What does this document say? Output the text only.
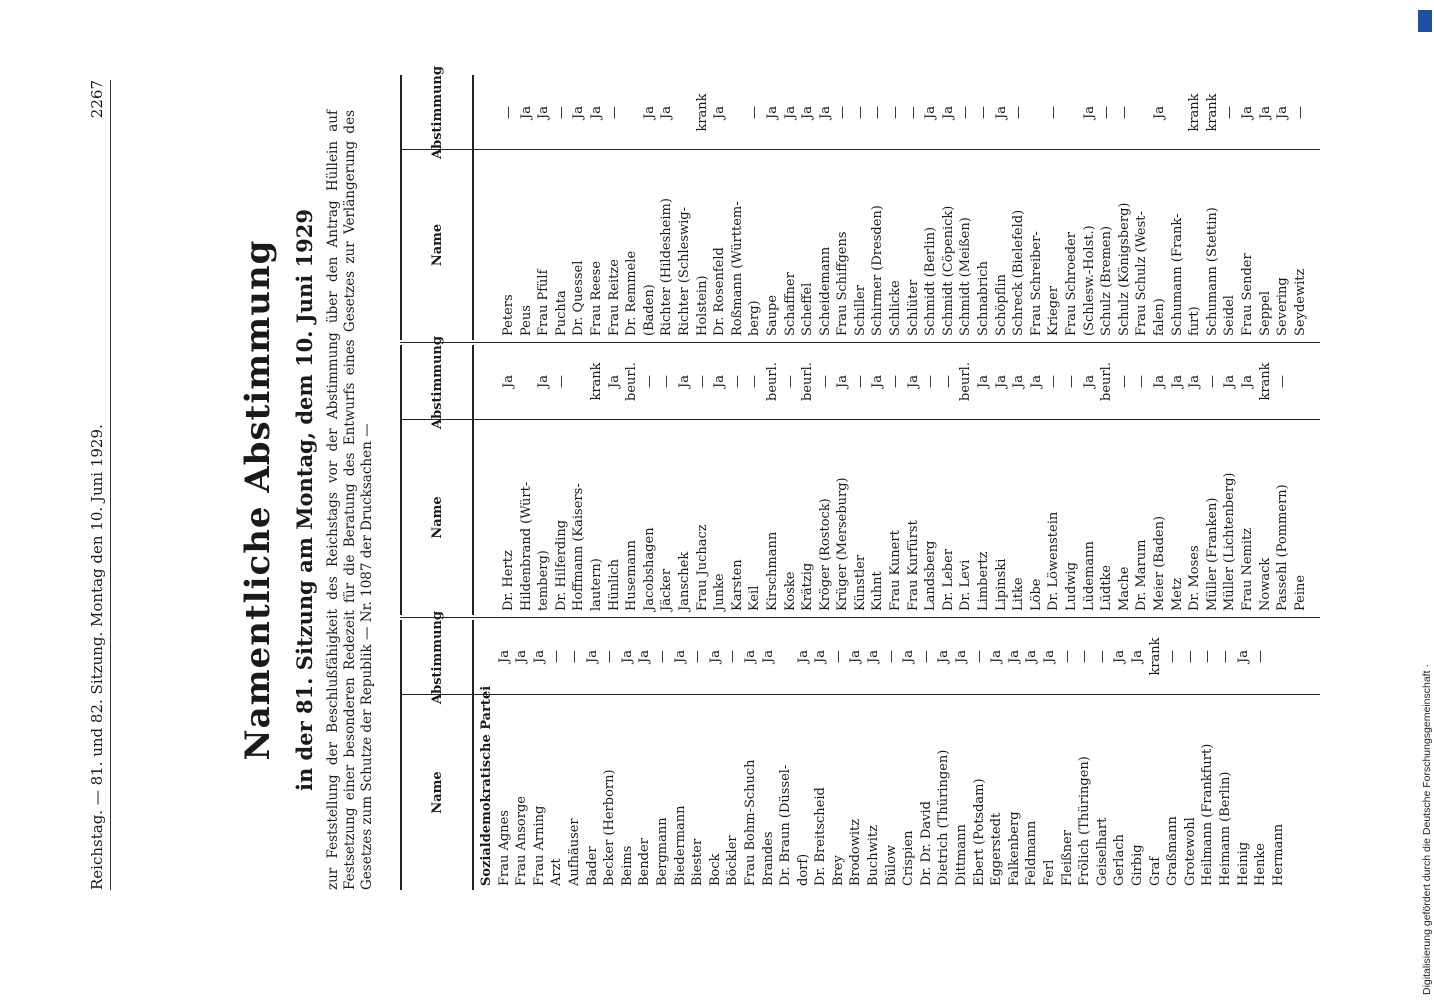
Reichstag. — 81. und 82. Sitzung. Montag den 10. Juni 1929.
2267
Namentliche Abstimmung in der 81. Sitzung am Montag, dem 10. Juni 1929 zur Feststellung der Beschlußfähigkeit des Reichstags vor der Abstimmung über den Antrag Hüllein auf Festsetzung einer besonderen Redezeit für die Beratung des Entwurfs eines Gesetzes zur Verlängerung des Gesetzes zum Schutze der Republik — Nr. 1087 der Drucksachen —	Name
Abstimmung
Name
Abstimmung
Name
Abstimmung
Sozialdemokratische Partei Frau Agnes
Ja
Frau Ansorge
Ja
Frau Arning
Ja
Arzt
—
Aufhäuser
—
Bader
Ja
Becker (Herborn)
—
Beims
Ja
Bender
Ja
Bergmann
—
Biedermann
Ja
Biester
—
Bock
Ja
Böckler
—
Frau Bohm-Schuch
Ja
Brandes
Ja
Dr. Braun (Düssel- dorf)
Ja
Dr. Breitscheid
Ja
Brey
—
Brodowitz
Ja
Buchwitz
Ja
Bülow
—
Crispien
Ja
Dr. Dr. David
—
Dietrich (Thüringen)
Ja
Dittmann
Ja
Ebert (Potsdam)
—
Eggerstedt
Ja
Falkenberg
Ja
Feldmann
Ja
Ferl
Ja
Fleißner
—
Frölich (Thüringen)
—
Geiselhart
—
Gerlach
Ja
Girbig
Ja
Graf
krank
Graßmann
—
Grotewohl
—
Heilmann (Frankfurt)
—
Heimann (Berlin)
—
Heinig
Ja
Henke
—
Hermann
Dr. Hertz
Ja
Hildenbrand (Würt- temberg)
Ja
Dr. Hilferding
—
Hoffmann (Kaisers- lautern)
krank
Hünlich
Ja
Husemann
beurl.
Jacobshagen
—
Jäcker
—
Janschek
Ja
Frau Juchacz
—
Junke
Ja
Karsten
—
Keil
—
Kirschmann
beurl.
Koske
—
Krätzig
beurl.
Kröger (Rostock)
—
Krüger (Merseburg)
Ja
Künstler
—
Kuhnt
Ja
Frau Kunert
—
Frau Kurfürst
Ja
Landsberg
—
Dr. Leber
—
Dr. Levi
beurl.
Limbertz
Ja
Lipinski
Ja
Litke
Ja
Löbe
Ja
Dr. Löwenstein
—
Ludwig
—
Lüdemann
Ja
Lüdtke
beurl.
Mache
—
Dr. Marum
—
Meier (Baden)
Ja
Metz
Ja
Dr. Moses
Ja
Müller (Franken)
—
Müller (Lichtenberg)
Ja
Frau Nemitz
Ja
Nowack
krank
Passehl (Pommern)
—
Peine
Peters
—
Peus
Ja
Frau Pfülf
Ja
Puchta
—
Dr. Quessel
Ja
Frau Reese
Ja
Frau Reitze
—
Dr. Remmele (Baden)
Ja
Richter (Hildesheim)
Ja
Richter (Schleswig- Holstein)
krank
Dr. Rosenfeld
Ja
Roßmann (Württem- berg)
—
Saupe
Ja
Schaffner
Ja
Scheffel
Ja
Scheidemann
Ja
Frau Schiffgens
—
Schiller
—
Schirmer (Dresden)
—
Schlicke
—
Schlüter
—
Schmidt (Berlin)
Ja
Schmidt (Cöpenick)
Ja
Schmidt (Meißen)
—
Schnabrich
—
Schöpflin
Ja
Schreck (Bielefeld)
—
Frau Schreiber- Krieger
—
Frau Schroeder (Schlesw.-Holst.)
Ja
Schulz (Bremen)
—
Schulz (Königsberg)
—
Frau Schulz (West- falen)
Ja
Schumann (Frank- furt)
krank
Schumann (Stettin)
krank
Seidel
—
Frau Sender
Ja
Seppel
Ja
Severing
Ja
Seydewitz
—
Digitalisierung gefördert durch die Deutsche Forschungsgemeinschaft ·
